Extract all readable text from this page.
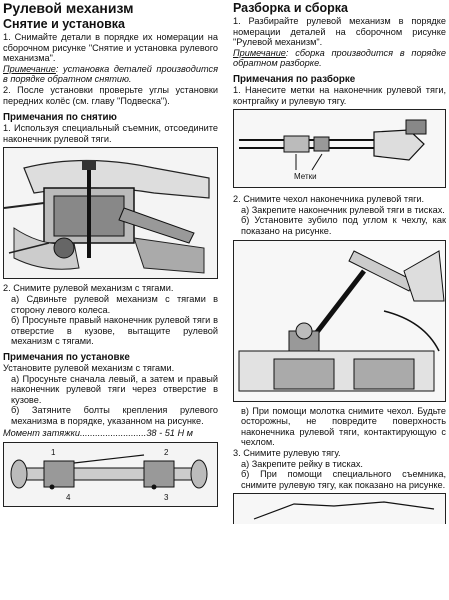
Рулевой механизм
Снятие и установка

1. Снимайте детали в порядке их номерации на сборочном рисунке "Снятие и установка рулевого механизма".

Примечание: установка деталей производится в порядке обратном снятию.

2. После установки проверьте углы установки передних колёс (см. главу "Подвеска").

Примечания по снятию

1. Используя специальный съемник, отсоедините наконечник рулевой тяги.

2. Снимите рулевой механизм с тягами.

а) Сдвиньте рулевой механизм с тягами в сторону левого колеса.

б) Просуньте правый наконечник рулевой тяги в отверстие в кузове, вытащите рулевой механизм с тягами.

Примечания по установке

Установите рулевой механизм с тягами.

а) Просуньте сначала левый, а затем и правый наконечник рулевой тяги через отверстие в кузове.

б) Затяните болты крепления рулевого механизма в порядке, указанном на рисунке.

Момент затяжки..........................38 - 51 Н м
1	2
3
4
Разборка и сборка

1. Разбирайте рулевой механизм в порядке номерации деталей на сборочном рисунке "Рулевой механизм".

Примечание: сборка производится в порядке обратном разборке.

Примечания по разборке

1. Нанесите метки на наконечник рулевой тяги, контргайку и рулевую тягу.

Метки

2. Снимите чехол наконечника рулевой тяги.

а) Закрепите наконечник рулевой тяги в тисках.

б) Установите зубило под углом к чехлу, как показано на рисунке.

в) При помощи молотка снимите чехол. Будьте осторожны, не повредите поверхность наконечника рулевой тяги, контактирующую с чехлом.

3. Снимите рулевую тягу.

а) Закрепите рейку в тисках.

б) При помощи специального съемника, снимите рулевую тягу, как показано на рисунке.
